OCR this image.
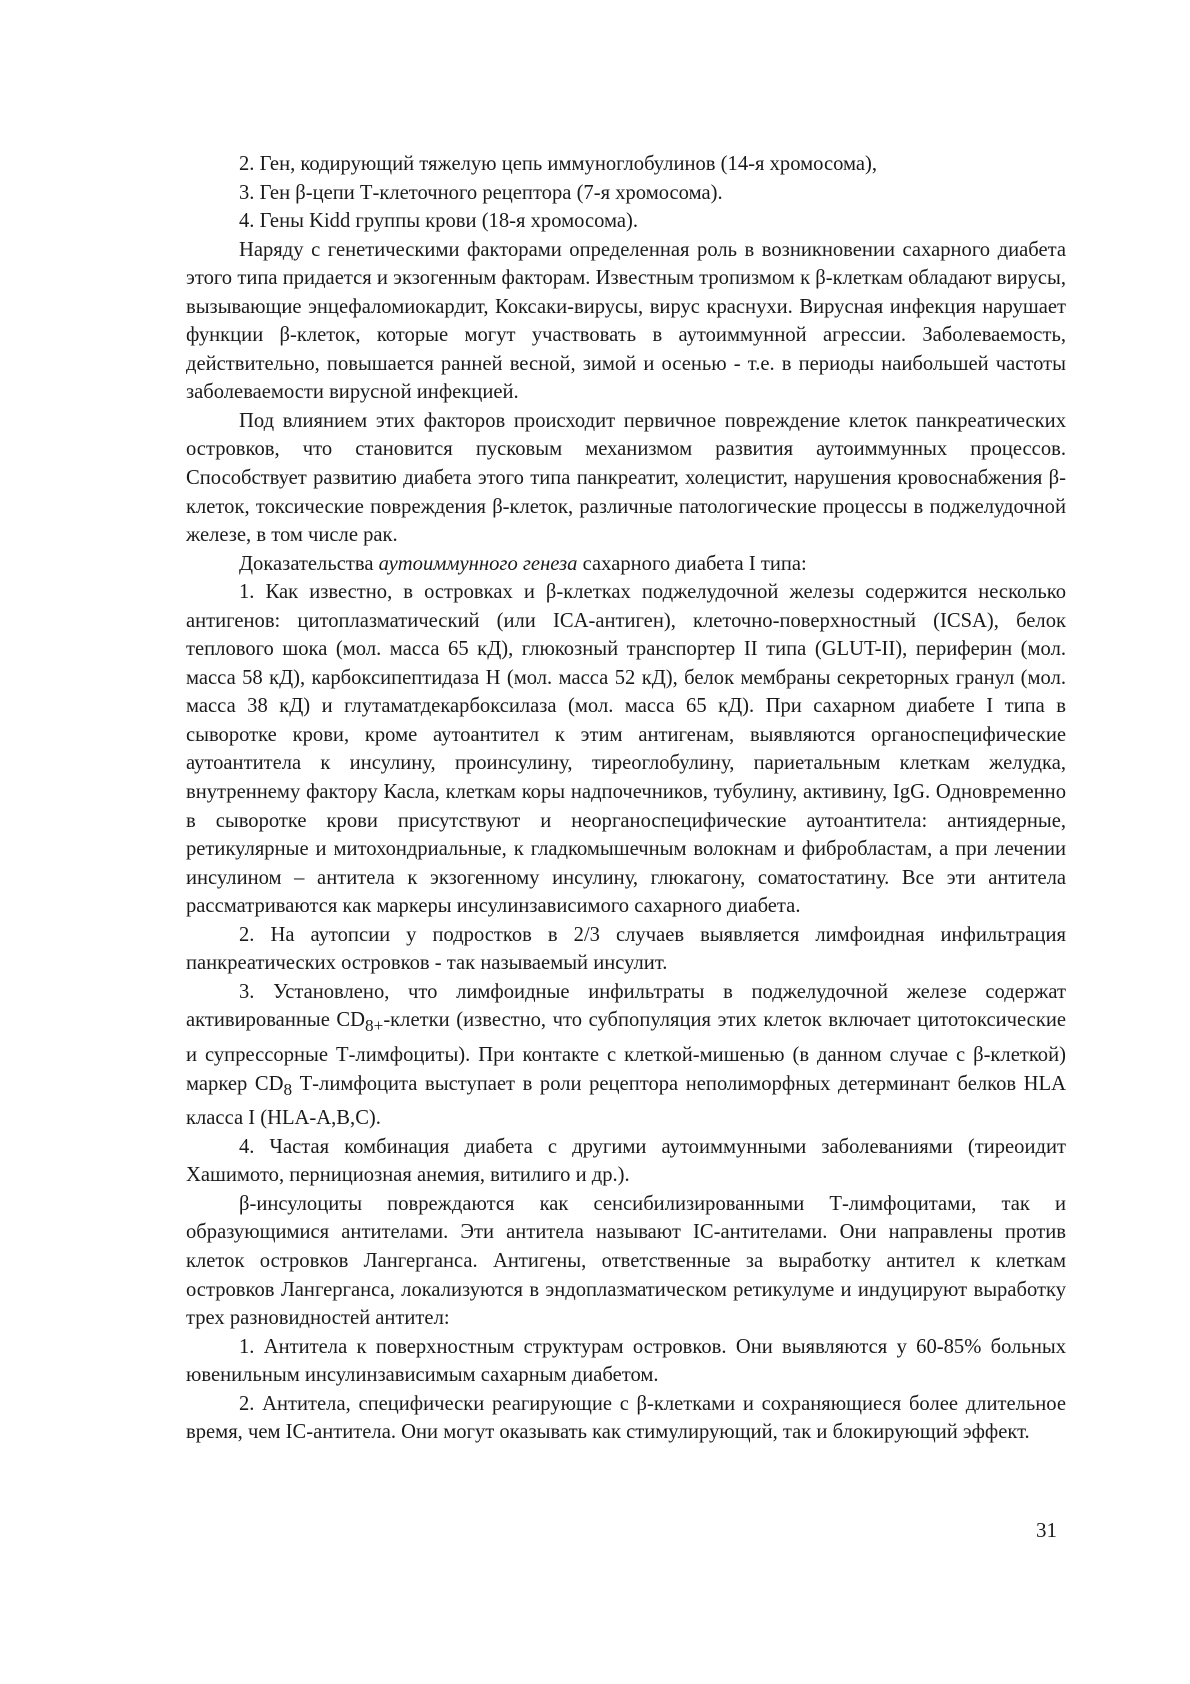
2. Ген, кодирующий тяжелую цепь иммуноглобулинов (14-я хромосома),

3. Ген β-цепи Т-клеточного рецептора (7-я хромосома).

4. Гены Kidd группы крови (18-я хромосома).

Наряду с генетическими факторами определенная роль в возникновении сахарного диабета этого типа придается и экзогенным факторам. Известным тропизмом к β-клеткам обладают вирусы, вызывающие энцефаломиокардит, Коксаки-вирусы, вирус краснухи. Вирусная инфекция нарушает функции β-клеток, которые могут участвовать в аутоиммунной агрессии. Заболеваемость, действительно, повышается ранней весной, зимой и осенью - т.е. в периоды наибольшей частоты заболеваемости вирусной инфекцией.

Под влиянием этих факторов происходит первичное повреждение клеток панкреатических островков, что становится пусковым механизмом развития аутоиммунных процессов. Способствует развитию диабета этого типа панкреатит, холецистит, нарушения кровоснабжения β-клеток, токсические повреждения β-клеток, различные патологические процессы в поджелудочной железе, в том числе рак.

Доказательства аутоиммунного генеза сахарного диабета I типа:

1. Как известно, в островках и β-клетках поджелудочной железы содержится несколько антигенов: цитоплазматический (или ICA-антиген), клеточно-поверхностный (ICSA), белок теплового шока (мол. масса 65 кД), глюкозный транспортер II типа (GLUT-II), периферин (мол. масса 58 кД), карбоксипептидаза Н (мол. масса 52 кД), белок мембраны секреторных гранул (мол. масса 38 кД) и глутаматдекарбоксилаза (мол. масса 65 кД). При сахарном диабете I типа в сыворотке крови, кроме аутоантител к этим антигенам, выявляются органоспецифические аутоантитела к инсулину, проинсулину, тиреоглобулину, париетальным клеткам желудка, внутреннему фактору Касла, клеткам коры надпочечников, тубулину, активину, IgG. Одновременно в сыворотке крови присутствуют и неорганоспецифические аутоантитела: антиядерные, ретикулярные и митохондриальные, к гладкомышечным волокнам и фибробластам, а при лечении инсулином – антитела к экзогенному инсулину, глюкагону, соматостатину. Все эти антитела рассматриваются как маркеры инсулинзависимого сахарного диабета.

2. На аутопсии у подростков в 2/3 случаев выявляется лимфоидная инфильтрация панкреатических островков - так называемый инсулит.

3. Установлено, что лимфоидные инфильтраты в поджелудочной железе содержат активированные $CD_{8+}$-клетки (известно, что субпопуляция этих клеток включает цитотоксические и супрессорные Т-лимфоциты). При контакте с клеткой-мишенью (в данном случае с β-клеткой) маркер $CD_8$ Т-лимфоцита выступает в роли рецептора неполиморфных детерминант белков HLA класса I (HLA-A,B,C).

4. Частая комбинация диабета с другими аутоиммунными заболеваниями (тиреоидит Хашимото, пернициозная анемия, витилиго и др.).

β-инсулоциты повреждаются как сенсибилизированными Т-лимфоцитами, так и образующимися антителами. Эти антитела называют IC-антителами. Они направлены против клеток островков Лангерганса. Антигены, ответственные за выработку антител к клеткам островков Лангерганса, локализуются в эндоплазматическом ретикулуме и индуцируют выработку трех разновидностей антител:

1. Антитела к поверхностным структурам островков. Они выявляются у 60-85% больных ювенильным инсулинзависимым сахарным диабетом.

2. Антитела, специфически реагирующие с β-клетками и сохраняющиеся более длительное время, чем IC-антитела. Они могут оказывать как стимулирующий, так и блокирующий эффект.

31
